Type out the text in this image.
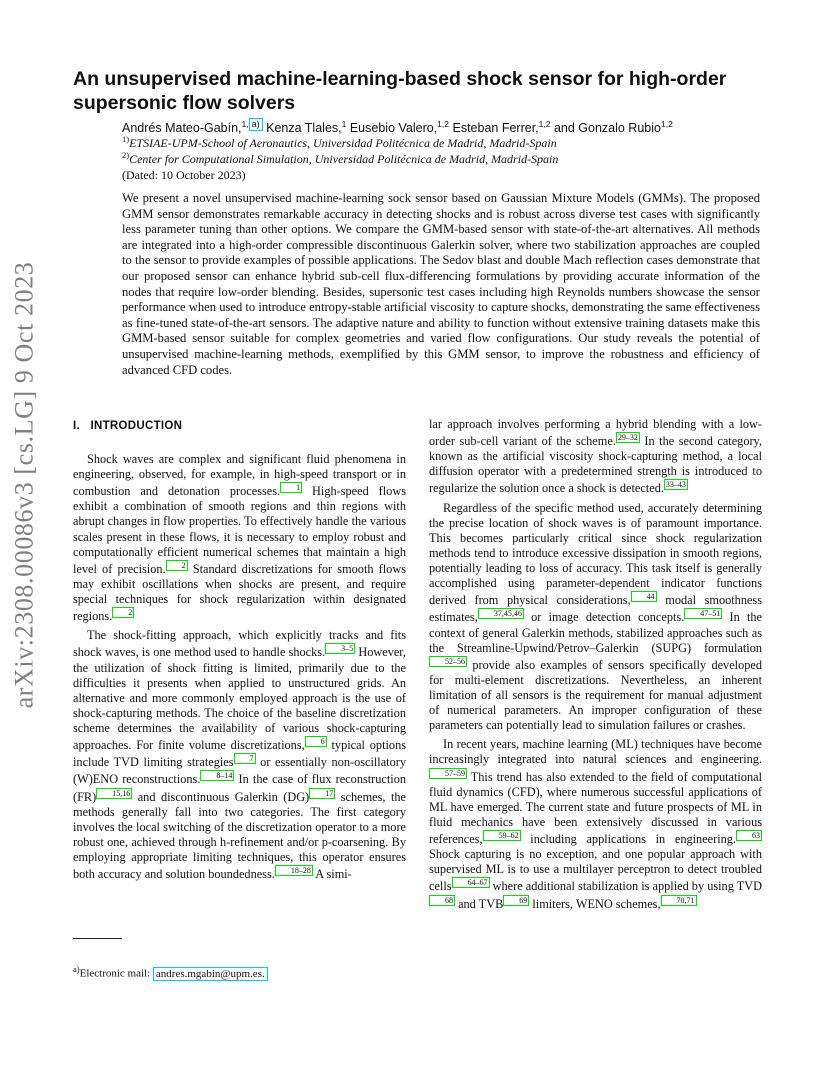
arXiv:2308.00086v3 [cs.LG] 9 Oct 2023
An unsupervised machine-learning-based shock sensor for high-order supersonic flow solvers
Andrés Mateo-Gabín,$^{1,}$ a) Kenza Tlales,$^1$ Eusebio Valero,$^{1,2}$ Esteban Ferrer,$^{1,2}$ and Gonzalo Rubio$^{1,2}$
$^{1)}$ETSIAE-UPM-School of Aeronautics, Universidad Politécnica de Madrid, Madrid-Spain
$^{2)}$Center for Computational Simulation, Universidad Politécnica de Madrid, Madrid-Spain
(Dated: 10 October 2023)

We present a novel unsupervised machine-learning sock sensor based on Gaussian Mixture Models (GMMs). The proposed GMM sensor demonstrates remarkable accuracy in detecting shocks and is robust across diverse test cases with significantly less parameter tuning than other options. We compare the GMM-based sensor with state-of-the-art alternatives. All methods are integrated into a high-order compressible discontinuous Galerkin solver, where two stabilization approaches are coupled to the sensor to provide examples of possible applications. The Sedov blast and double Mach reflection cases demonstrate that our proposed sensor can enhance hybrid sub-cell flux-differencing formulations by providing accurate information of the nodes that require low-order blending. Besides, supersonic test cases including high Reynolds numbers showcase the sensor performance when used to introduce entropy-stable artificial viscosity to capture shocks, demonstrating the same effectiveness as fine-tuned state-of-the-art sensors. The adaptive nature and ability to function without extensive training datasets make this GMM-based sensor suitable for complex geometries and varied flow configurations. Our study reveals the potential of unsupervised machine-learning methods, exemplified by this GMM sensor, to improve the robustness and efficiency of advanced CFD codes.

I. INTRODUCTION

Shock waves are complex and significant fluid phenomena in engineering, observed, for example, in high-speed transport or in combustion and detonation processes. 1 High-speed flows exhibit a combination of smooth regions and thin regions with abrupt changes in flow properties. To effectively handle the various scales present in these flows, it is necessary to employ robust and computationally efficient numerical schemes that maintain a high level of precision. 2 Standard discretizations for smooth flows may exhibit oscillations when shocks are present, and require special techniques for shock regularization within designated regions. 2

The shock-fitting approach, which explicitly tracks and fits shock waves, is one method used to handle shocks. 3–5 However, the utilization of shock fitting is limited, primarily due to the difficulties it presents when applied to unstructured grids. An alternative and more commonly employed approach is the use of shock-capturing methods. The choice of the baseline discretization scheme determines the availability of various shock-capturing approaches. For finite volume discretizations, 6 typical options include TVD limiting strategies 7 or essentially non-oscillatory (W)ENO reconstructions. 8–14 In the case of flux reconstruction (FR) 15,16 and discontinuous Galerkin (DG) 17 schemes, the methods generally fall into two categories. The first category involves the local switching of the discretization operator to a more robust one, achieved through h-refinement and/or p-coarsening. By employing appropriate limiting techniques, this operator ensures both accuracy and solution boundedness. 18–28 A simi-

lar approach involves performing a hybrid blending with a low-order sub-cell variant of the scheme. 29–32 In the second category, known as the artificial viscosity shock-capturing method, a local diffusion operator with a predetermined strength is introduced to regularize the solution once a shock is detected. 33–43

Regardless of the specific method used, accurately determining the precise location of shock waves is of paramount importance. This becomes particularly critical since shock regularization methods tend to introduce excessive dissipation in smooth regions, potentially leading to loss of accuracy. This task itself is generally accomplished using parameter-dependent indicator functions derived from physical considerations, 44 modal smoothness estimates, 37,45,46 or image detection concepts. 47–51 In the context of general Galerkin methods, stabilized approaches such as the Streamline-Upwind/Petrov–Galerkin (SUPG) formulation52–56 provide also examples of sensors specifically developed for multi-element discretizations. Nevertheless, an inherent limitation of all sensors is the requirement for manual adjustment of numerical parameters. An improper configuration of these parameters can potentially lead to simulation failures or crashes.

In recent years, machine learning (ML) techniques have become increasingly integrated into natural sciences and engineering.57–59 This trend has also extended to the field of computational fluid dynamics (CFD), where numerous successful applications of ML have emerged. The current state and future prospects of ML in fluid mechanics have been extensively discussed in various references, 59–62 including applications in engineering. 63 Shock capturing is no exception, and one popular approach with supervised ML is to use a multilayer perceptron to detect troubled cells 64–67 where additional stabilization is applied by using TVD68 and TVB 69 limiters, WENO schemes, 70,71

$^{a)}$Electronic mail: andres.mgabin@upm.es.
